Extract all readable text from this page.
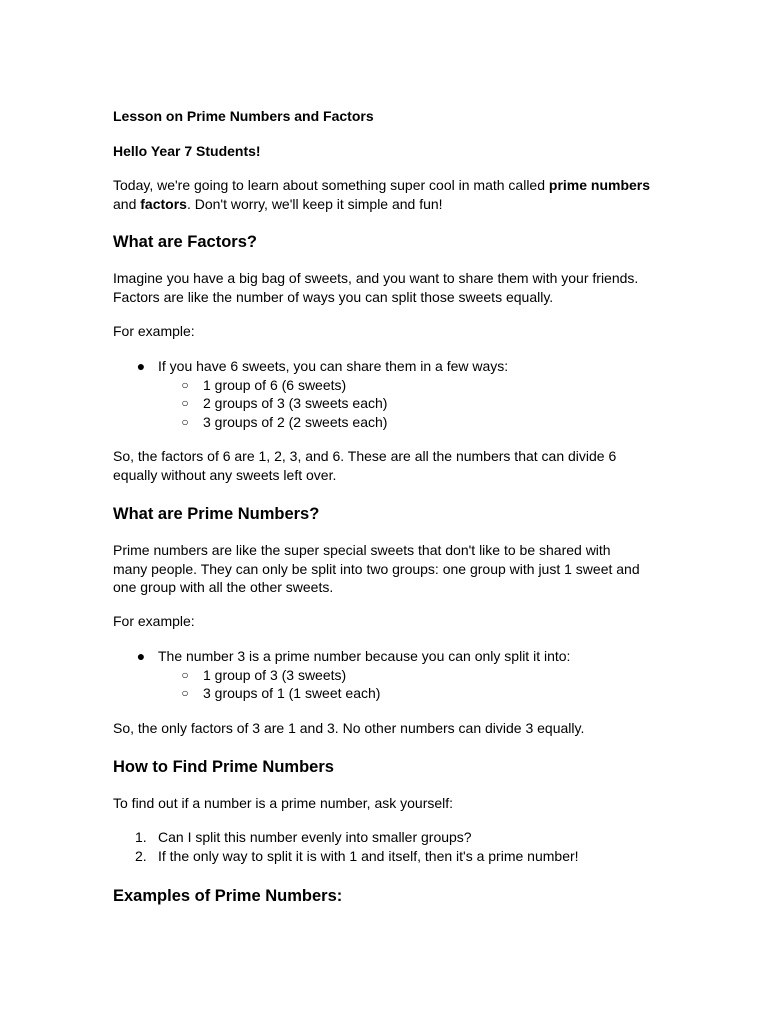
Lesson on Prime Numbers and Factors

Hello Year 7 Students!

Today, we're going to learn about something super cool in math called prime numbers

and factors. Don't worry, we'll keep it simple and fun!

What are Factors?

Imagine you have a big bag of sweets, and you want to share them with your friends. Factors are like the number of ways you can split those sweets equally.

For example:

● If you have 6 sweets, you can share them in a few ways:
○ 1 group of 6 (6 sweets)
○ 2 groups of 3 (3 sweets each)
○ 3 groups of 2 (2 sweets each)

So, the factors of 6 are 1, 2, 3, and 6. These are all the numbers that can divide 6 equally without any sweets left over.

What are Prime Numbers?

Prime numbers are like the super special sweets that don't like to be shared with many people. They can only be split into two groups: one group with just 1 sweet and one group with all the other sweets.

For example:

● The number 3 is a prime number because you can only split it into:
○ 1 group of 3 (3 sweets)
○ 3 groups of 1 (1 sweet each)

So, the only factors of 3 are 1 and 3. No other numbers can divide 3 equally.

How to Find Prime Numbers

To find out if a number is a prime number, ask yourself:

1. Can I split this number evenly into smaller groups?
2. If the only way to split it is with 1 and itself, then it's a prime number!
Examples of Prime Numbers:
